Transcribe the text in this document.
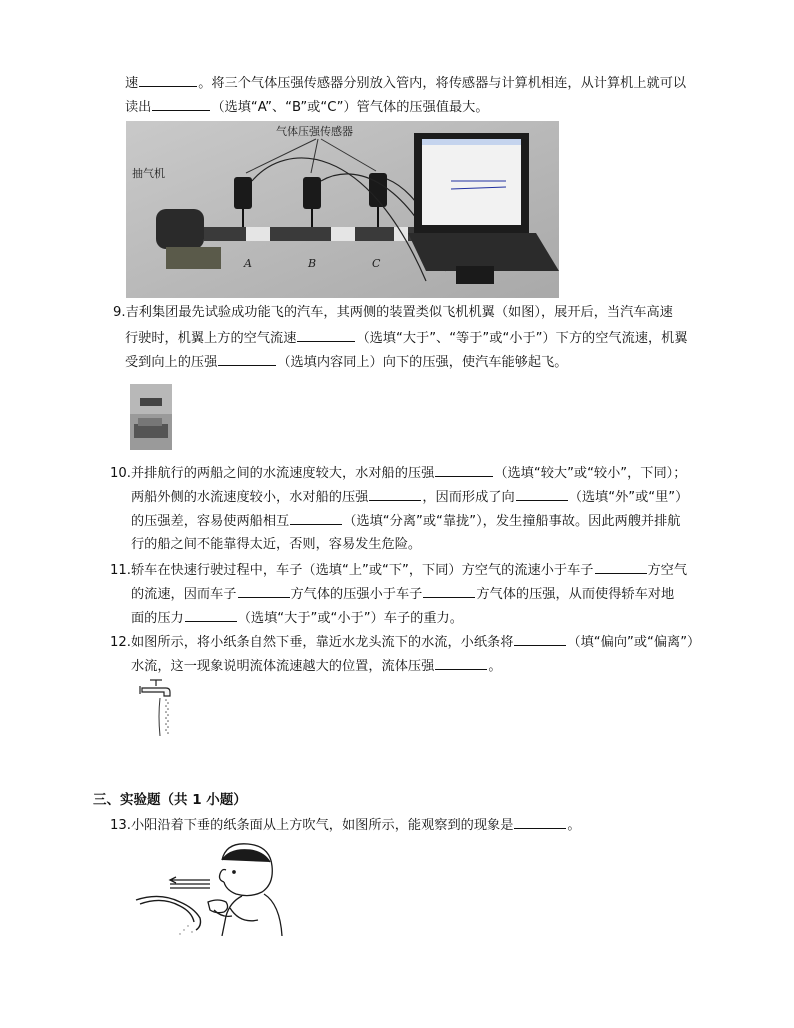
速	。将三个气体压强传感器分别放入管内，将传感器与计算机相连，从计算机上就可以
读出	（选填“A”、“B”或“C”）管气体的压强值最大。
气体压强传感器
抽气机
A	B	C
9.吉利集团最先试验成功能飞的汽车，其两侧的装置类似飞机机翼（如图），展开后，当汽车高速
行驶时，机翼上方的空气流速	（选填“大于”、“等于”或“小于”）下方的空气流速，机翼
受到向上的压强	（选填内容同上）向下的压强，使汽车能够起飞。
10.并排航行的两船之间的水流速度较大，水对船的压强	（选填“较大”或“较小”，下同）；
两船外侧的水流速度较小，水对船的压强	，因而形成了向	（选填“外”或“里”）
的压强差，容易使两船相互	（选填“分离”或“靠拢”），发生撞船事故。因此两艘并排航
行的船之间不能靠得太近，否则，容易发生危险。
11.轿车在快速行驶过程中，车子（选填“上”或“下”，下同）方空气的流速小于车子	方空气
的流速，因而车子	方气体的压强小于车子	方气体的压强，从而使得轿车对地
面的压力	（选填“大于”或“小于”）车子的重力。
12.如图所示，将小纸条自然下垂，靠近水龙头流下的水流，小纸条将	（填“偏向”或“偏离”）
水流，这一现象说明流体流速越大的位置，流体压强	。
三、实验题（共 1 小题）
13.小阳沿着下垂的纸条面从上方吹气，如图所示，能观察到的现象是	。
